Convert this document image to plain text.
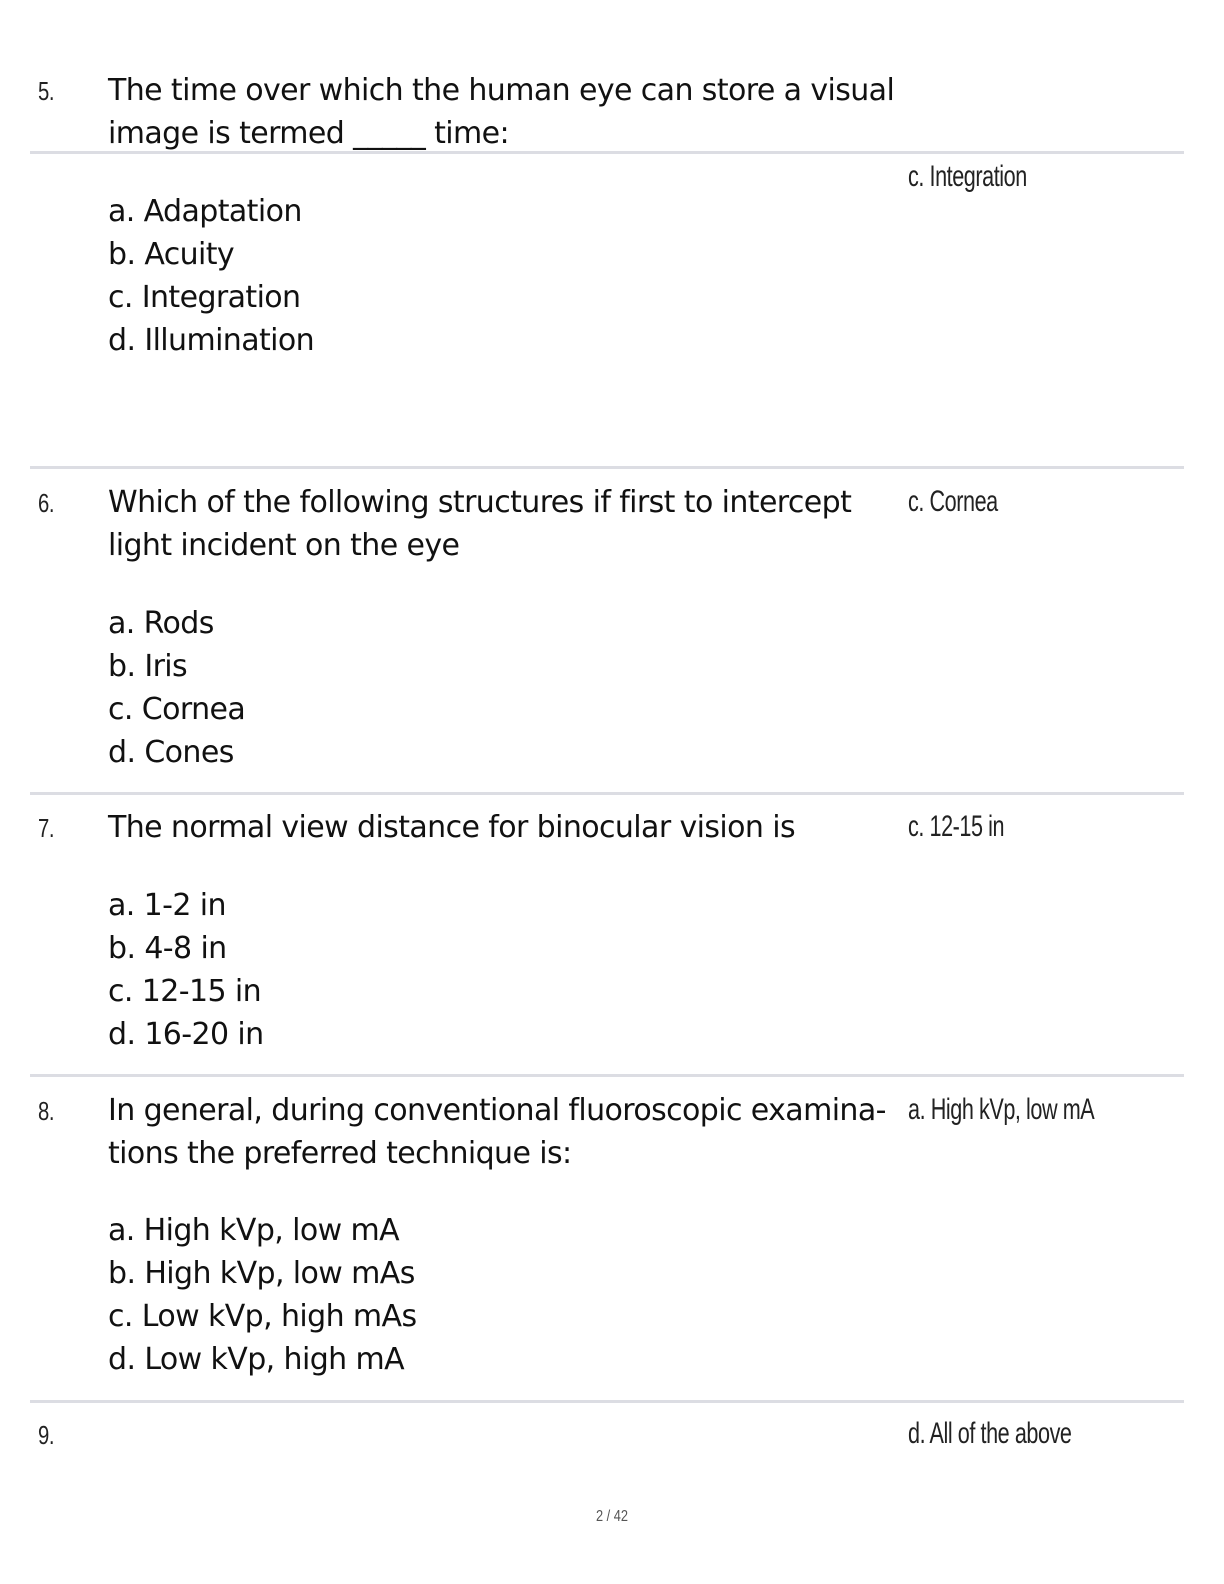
5. The time over which the human eye can store a visual
image is termed _____ time:
c. Integration
a. Adaptation
b. Acuity
c. Integration
d. Illumination
6. Which of the following structures if first to intercept
light incident on the eye
c. Cornea
a. Rods
b. Iris
c. Cornea
d. Cones
7. The normal view distance for binocular vision is	c. 12-15 in
a. 1-2 in
b. 4-8 in
c. 12-15 in
d. 16-20 in
8. In general, during conventional fluoroscopic examina-
tions the preferred technique is:
a. High kVp, low mA
a. High kVp, low mA
b. High kVp, low mAs
c. Low kVp, high mAs
d. Low kVp, high mA
9.	d. All of the above
2 / 42
